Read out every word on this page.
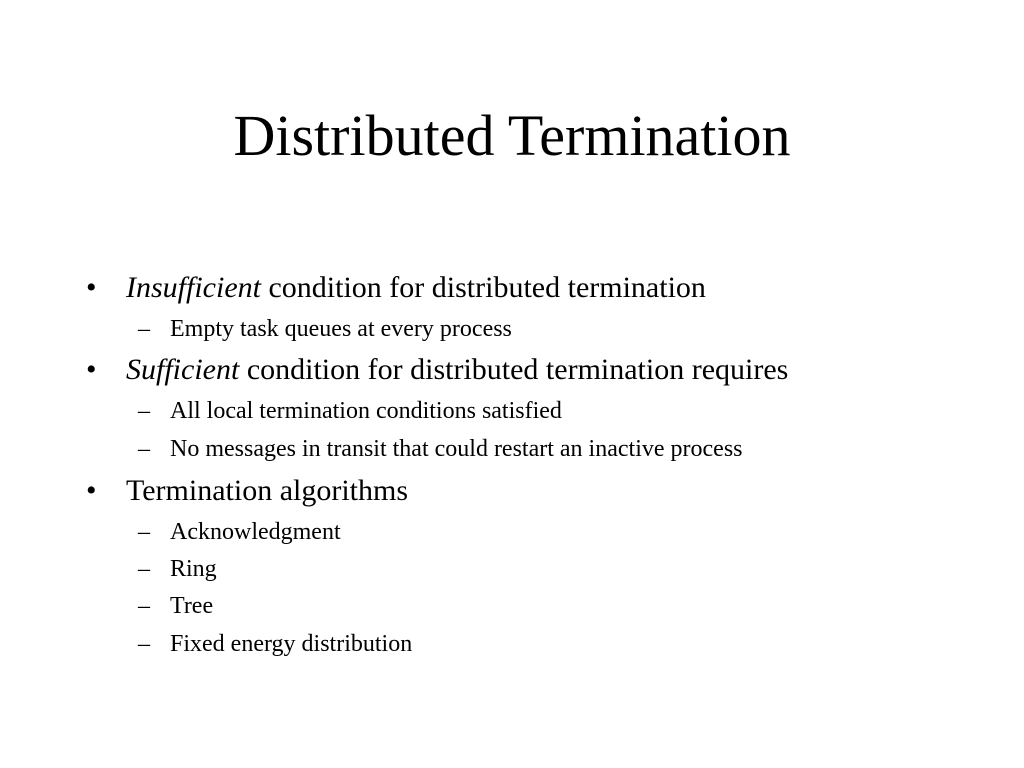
Distributed Termination
• Insufficient condition for distributed termination
– Empty task queues at every process
• Sufficient condition for distributed termination requires
– All local termination conditions satisfied
– No messages in transit that could restart an inactive process
• Termination algorithms
– Acknowledgment
– Ring
– Tree
– Fixed energy distribution
